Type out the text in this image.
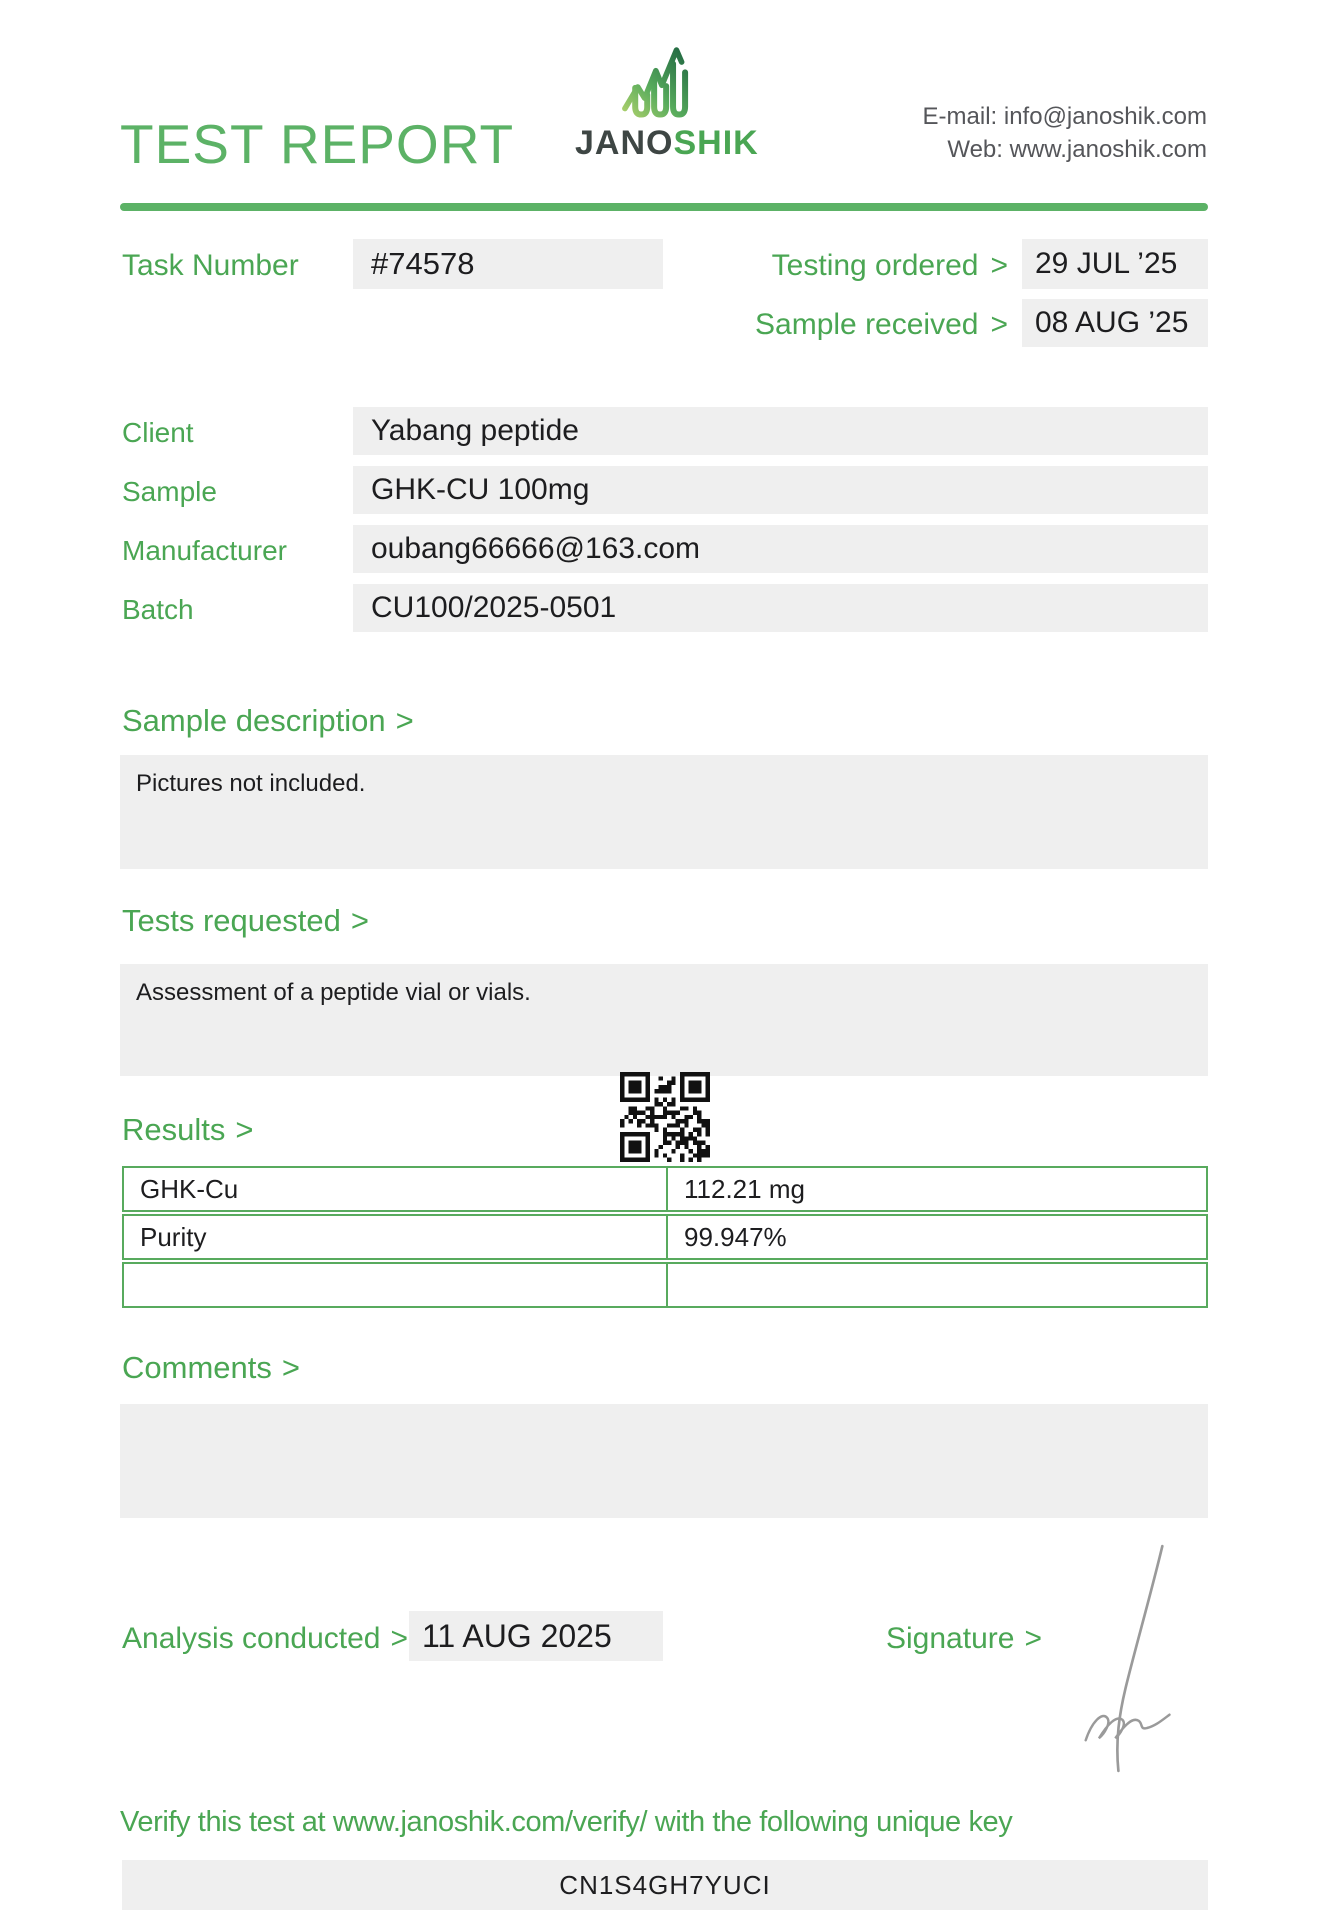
TEST REPORT JANOSHIK
E-mail: info@janoshik.com
Web: www.janoshik.com
Task Number	#74578	Testing ordered > 29 JUL ’25
Sample received > 08 AUG ’25
Client	Yabang peptide
Sample	GHK-CU 100mg
Manufacturer	oubang66666@163.com
Batch	CU100/2025-0501
Sample description >
Pictures not included.
Tests requested >
Assessment of a peptide vial or vials.
Results >
GHK-Cu	112.21 mg
Purity	99.947%
Comments >
Analysis conducted > 11 AUG 2025	Signature >
Verify this test at www.janoshik.com/verify/ with the following unique key
CN1S4GH7YUCI
